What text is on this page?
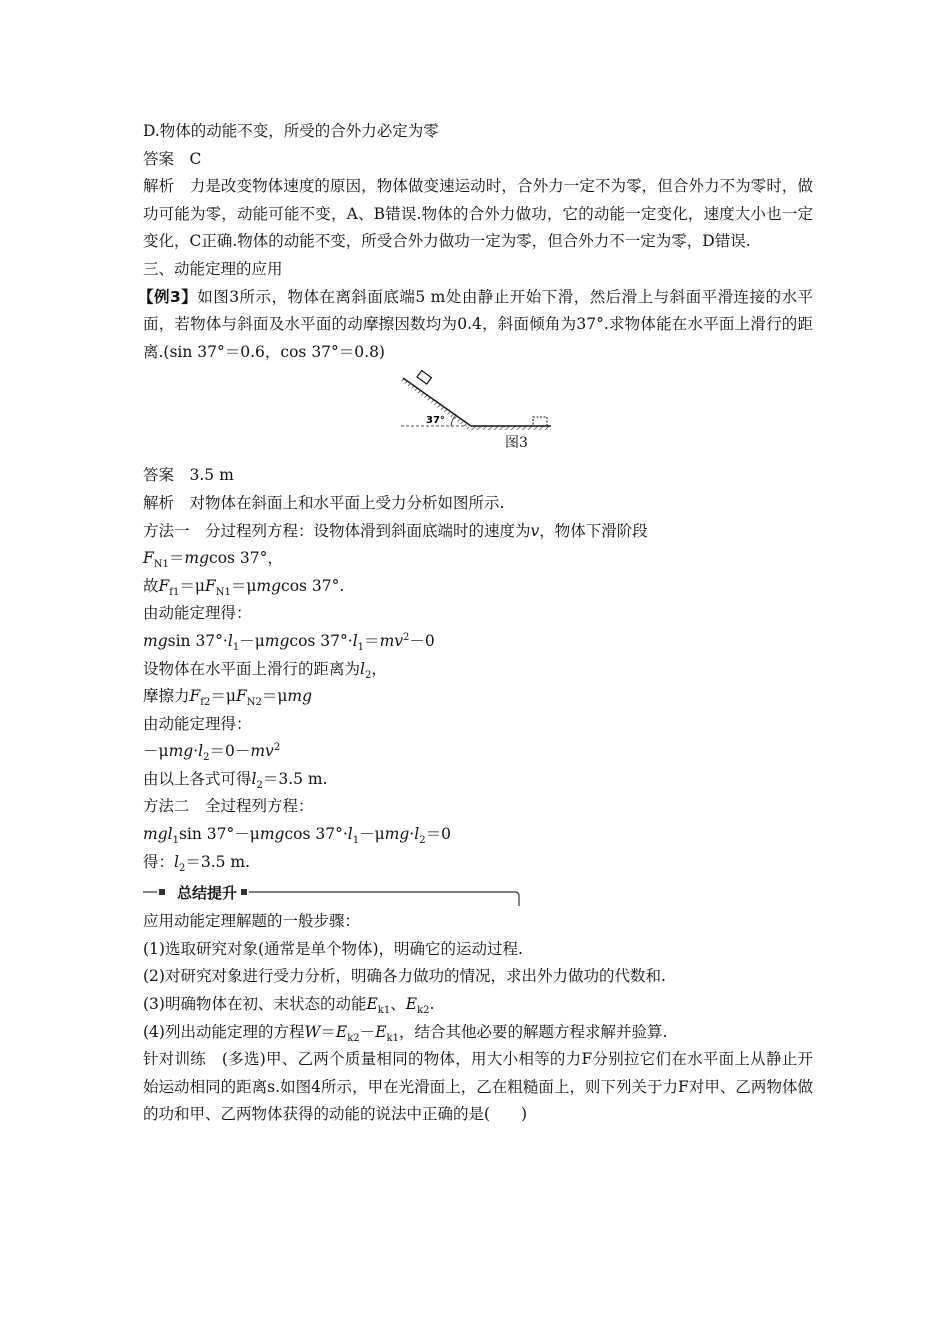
D.物体的动能不变，所受的合外力必定为零
答案　C
解析　力是改变物体速度的原因，物体做变速运动时，合外力一定不为零，但合外力不为零时，做功可能为零，动能可能不变，A、B错误.物体的合外力做功，它的动能一定变化，速度大小也一定变化，C正确.物体的动能不变，所受合外力做功一定为零，但合外力不一定为零，D错误.
三、动能定理的应用
【例3】如图3所示，物体在离斜面底端5 m处由静止开始下滑，然后滑上与斜面平滑连接的水平面，若物体与斜面及水平面的动摩擦因数均为0.4，斜面倾角为37°.求物体能在水平面上滑行的距离.(sin 37°＝0.6，cos 37°＝0.8)
37°
图3
答案　3.5 m
解析　对物体在斜面上和水平面上受力分析如图所示.
方法一　分过程列方程：设物体滑到斜面底端时的速度为v，物体下滑阶段
$F_{N1}=mgcos$ 37°，
故$F_{f1}=\mu F_{N1}=\mu mgcos$ 37°.
由动能定理得：
mgsin $37^\circ\cdot l_1-\mu mgcos$ $37^\circ\cdot l_1=mv^2-0$
设物体在水平面上滑行的距离为$l_2$，
摩擦力$F_{f2}=\mu F_{N2}=\mu mg$
由动能定理得：
$-\mu mg\cdot l_2=0-mv^2$
由以上各式可得$l_2=3.5$ m.
方法二　全过程列方程：
mgl$_1$sin 37°－μmgcos $37^\circ\cdot l_1-\mu mg\cdot l_2=0$
得：$l_2=3.5$ m.
总结提升
应用动能定理解题的一般步骤：
(1)选取研究对象(通常是单个物体)，明确它的运动过程.
(2)对研究对象进行受力分析，明确各力做功的情况，求出外力做功的代数和.
(3)明确物体在初、末状态的动能$E_{k1}$、$E_{k2}$.
(4)列出动能定理的方程$W=E_{k2}-E_{k1}$，结合其他必要的解题方程求解并验算.
针对训练　(多选)甲、乙两个质量相同的物体，用大小相等的力F分别拉它们在水平面上从静止开始运动相同的距离s.如图4所示，甲在光滑面上，乙在粗糙面上，则下列关于力F对甲、乙两物体做的功和甲、乙两物体获得的动能的说法中正确的是(　　)
